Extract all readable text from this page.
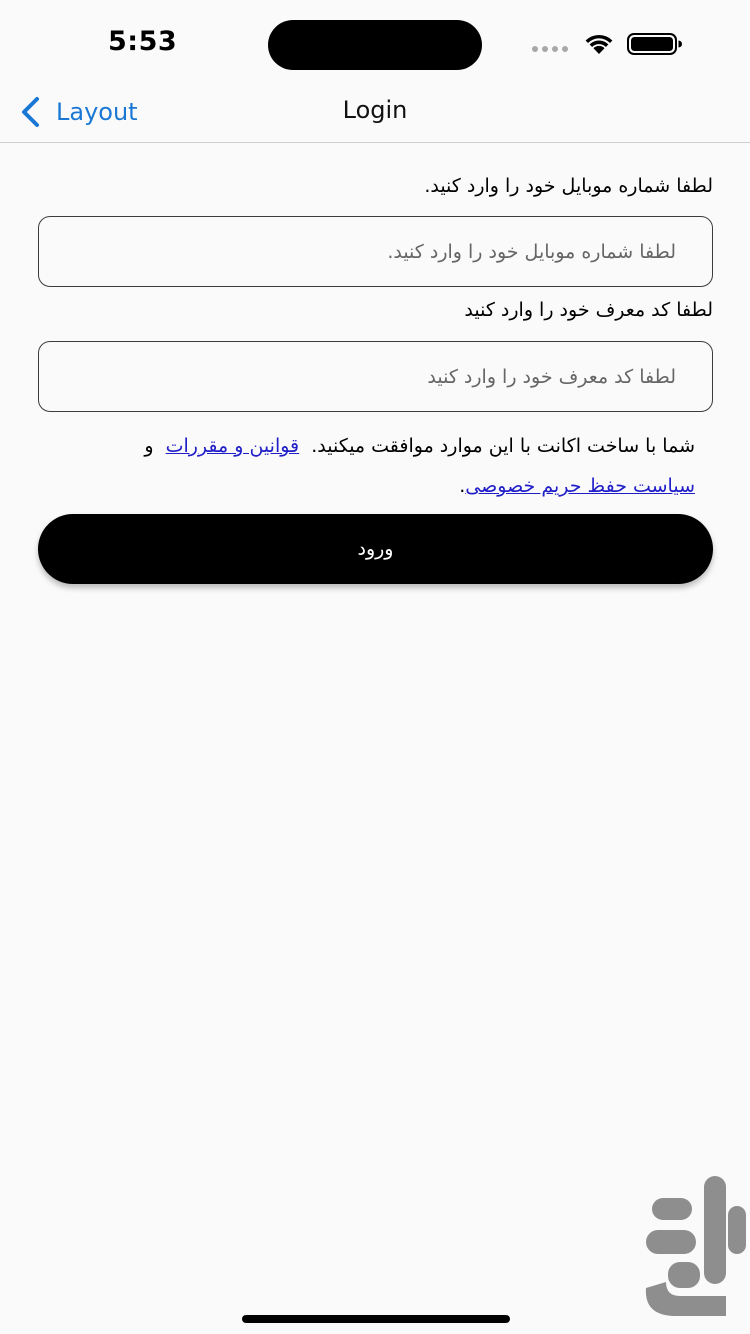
5:53
Layout	Login
لطفا شماره موبایل خود را وارد کنید.
لطفا شماره موبایل خود را وارد کنید.
لطفا کد معرف خود را وارد کنید
لطفا کد معرف خود را وارد کنید
شما با ساخت اکانت با این موارد موافقت میکنید.  قوانین و مقررات  و
سیاست حفظ حریم خصوصی.
ورود
